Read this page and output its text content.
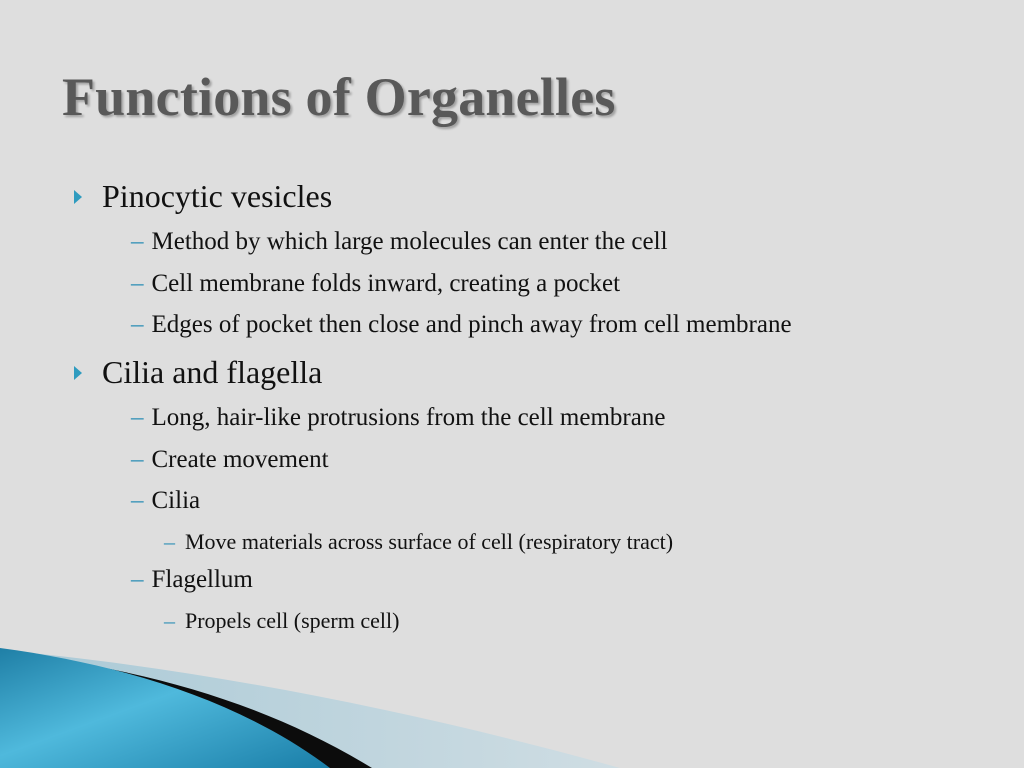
Functions of Organelles
Pinocytic vesicles
– Method by which large molecules can enter the cell
– Cell membrane folds inward, creating a pocket
– Edges of pocket then close and pinch away from cell membrane
Cilia and flagella
– Long, hair-like protrusions from the cell membrane
– Create movement
– Cilia
– Move materials across surface of cell (respiratory tract)
– Flagellum
– Propels cell (sperm cell)
